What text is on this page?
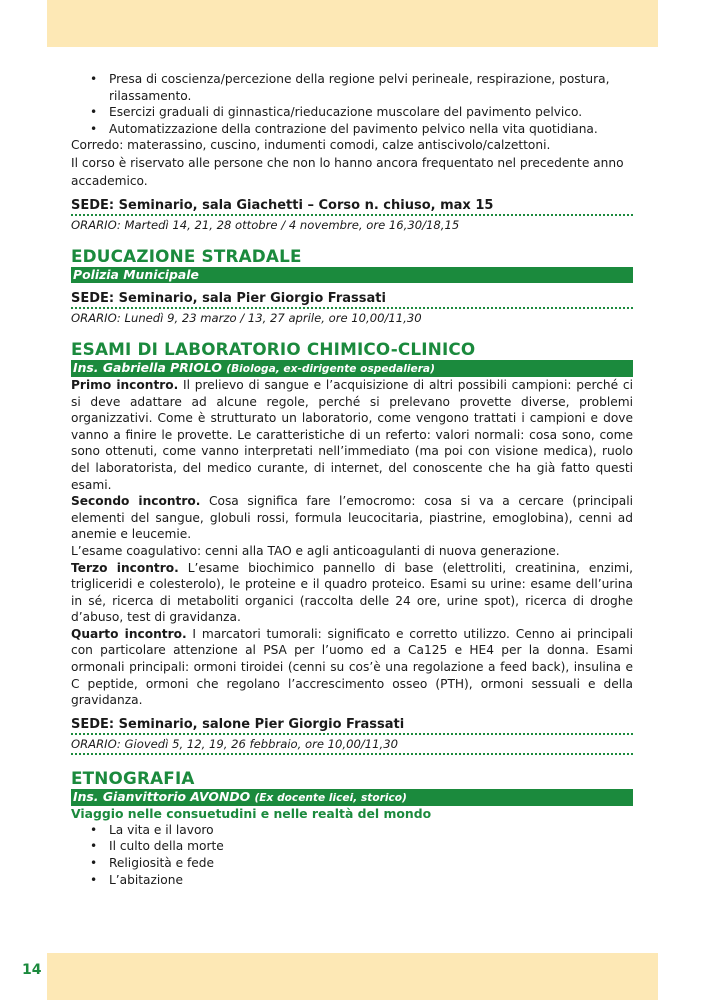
• Presa di coscienza/percezione della regione pelvi perineale, respirazione, postura, rilassamento.
• Esercizi graduali di ginnastica/rieducazione muscolare del pavimento pelvico.
• Automatizzazione della contrazione del pavimento pelvico nella vita quotidiana.

Corredo: materassino, cuscino, indumenti comodi, calze antiscivolo/calzettoni.

Il corso è riservato alle persone che non lo hanno ancora frequentato nel precedente anno accademico.

SEDE: Seminario, sala Giachetti – Corso n. chiuso, max 15
ORARIO: Martedì 14, 21, 28 ottobre / 4 novembre, ore 16,30/18,15
EDUCAZIONE STRADALE
Polizia Municipale
SEDE: Seminario, sala Pier Giorgio Frassati
ORARIO: Lunedì 9, 23 marzo / 13, 27 aprile, ore 10,00/11,30
ESAMI DI LABORATORIO CHIMICO-CLINICO
Ins. Gabriella PRIOLO (Biologa, ex-dirigente ospedaliera)

Primo incontro. Il prelievo di sangue e l’acquisizione di altri possibili campioni: perché ci si deve adattare ad alcune regole, perché si prelevano provette diverse, problemi organizzativi. Come è strutturato un laboratorio, come vengono trattati i campioni e dove vanno a finire le provette. Le caratteristiche di un referto: valori normali: cosa sono, come sono ottenuti, come vanno interpretati nell’immediato (ma poi con visione medica), ruolo del laboratorista, del medico curante, di internet, del conoscente che ha già fatto questi esami.

Secondo incontro. Cosa significa fare l’emocromo: cosa si va a cercare (principali elementi del sangue, globuli rossi, formula leucocitaria, piastrine, emoglobina), cenni ad anemie e leucemie.

L’esame coagulativo: cenni alla TAO e agli anticoagulanti di nuova generazione.

Terzo incontro. L’esame biochimico pannello di base (elettroliti, creatinina, enzimi, trigliceridi e colesterolo), le proteine e il quadro proteico. Esami su urine: esame dell’urina in sé, ricerca di metaboliti organici (raccolta delle 24 ore, urine spot), ricerca di droghe d’abuso, test di gravidanza.

Quarto incontro. I marcatori tumorali: significato e corretto utilizzo. Cenno ai principali con particolare attenzione al PSA per l’uomo ed a Ca125 e HE4 per la donna. Esami ormonali principali: ormoni tiroidei (cenni su cos’è una regolazione a feed back), insulina e C peptide, ormoni che regolano l’accrescimento osseo (PTH), ormoni sessuali e della gravidanza.

SEDE: Seminario, salone Pier Giorgio Frassati
ORARIO: Giovedì 5, 12, 19, 26 febbraio, ore 10,00/11,30
ETNOGRAFIA
Ins. Gianvittorio AVONDO (Ex docente licei, storico)
Viaggio nelle consuetudini e nelle realtà del mondo
• La vita e il lavoro
• Il culto della morte
• Religiosità e fede
• L’abitazione
14
